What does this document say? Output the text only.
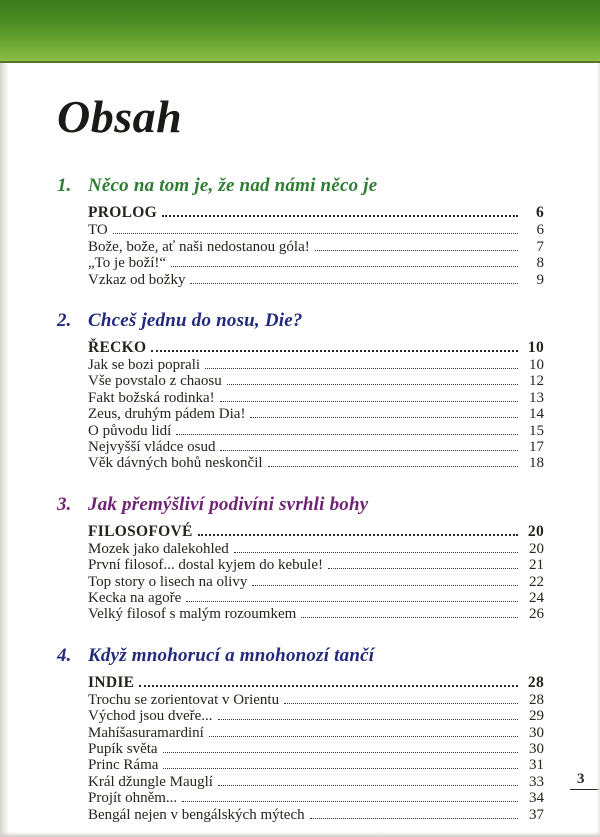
Obsah
1. Něco na tom je, že nad námi něco je
PROLOG	6
TO	6
Bože, bože, ať naši nedostanou góla!	7
„To je boží!“	8
Vzkaz od božky	9
2. Chceš jednu do nosu, Die?
ŘECKO	10
Jak se bozi poprali	10
Vše povstalo z chaosu	12
Fakt božská rodinka!	13
Zeus, druhým pádem Dia!	14
O původu lidí	15
Nejvyšší vládce osud	17
Věk dávných bohů neskončil	18
3. Jak přemýšliví podivíni svrhli bohy
FILOSOFOVÉ	20
Mozek jako dalekohled	20
První filosof... dostal kyjem do kebule!	21
Top story o lisech na olivy	22
Kecka na agoře	24
Velký filosof s malým rozoumkem	26
4. Když mnohorucí a mnohonozí tančí
INDIE	28
Trochu se zorientovat v Orientu	28
Východ jsou dveře...	29
Mahíšasuramardiní	30
Pupík světa	30
Princ Ráma	31
Král džungle Mauglí	33
Projít ohněm...	34
Bengál nejen v bengálských mýtech	37
3
